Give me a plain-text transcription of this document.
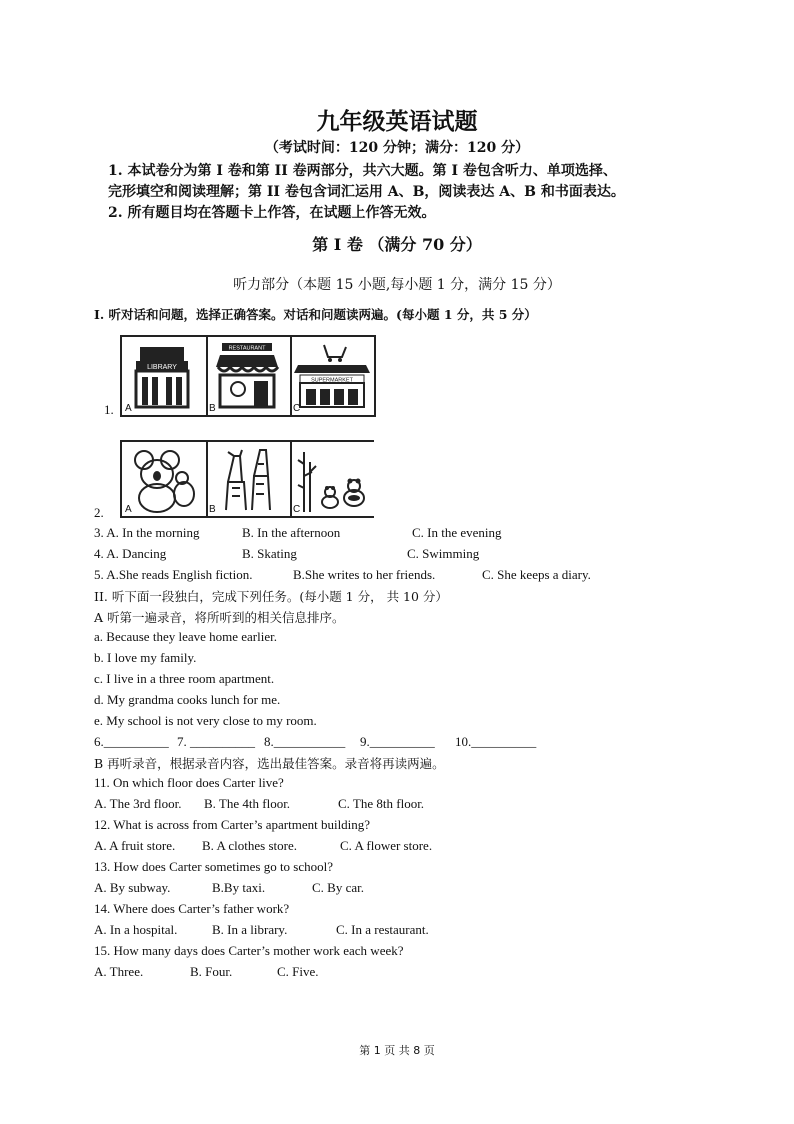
九年级英语试题
（考试时间：120 分钟；满分：120 分）
1. 本试卷分为第 I 卷和第 II 卷两部分，共六大题。第 I 卷包含听力、单项选择、
完形填空和阅读理解；第 II 卷包含词汇运用 A、B，阅读表达 A、B 和书面表达。
2. 所有题目均在答题卡上作答，在试题上作答无效。
第 I 卷 （满分 70 分）
听力部分（本题 15 小题,每小题 1 分，满分 15 分）
I. 听对话和问题，选择正确答案。对话和问题读两遍。(每小题 1 分，共 5 分）
1.
LIBRARY
A
RESTAURANT
B
SUPERMARKET
C
2. A	B	C
3. A. In the morning	B. In the afternoon	C. In the evening
4. A. Dancing	B. Skating	C. Swimming
5. A.She reads English fiction.	B.She writes to her friends.	C. She keeps a diary.
II. 听下面一段独白，完成下列任务。(每小题 1 分， 共 10 分）
A 听第一遍录音，将所听到的相关信息排序。
a. Because they leave home earlier.
b. I love my family.
c. I live in a three room apartment.
d. My grandma cooks lunch for me.
e. My school is not very close to my room.
6.__________ 7. __________ 8.___________ 9.__________ 10.__________
B 再听录音，根据录音内容，选出最佳答案。录音将再读两遍。
11. On which floor does Carter live?
A. The 3rd floor. B. The 4th floor.	C. The 8th floor.
12. What is across from Carter’s apartment building?
A. A fruit store. B. A clothes store.	C. A flower store.
13. How does Carter sometimes go to school?
A. By subway.	B.By taxi.	C. By car.
14. Where does Carter’s father work?
A. In a hospital.	B. In a library.	C. In a restaurant.
15. How many days does Carter’s mother work each week?
A. Three.	B. Four.	C. Five.
第 1 页 共 8 页
